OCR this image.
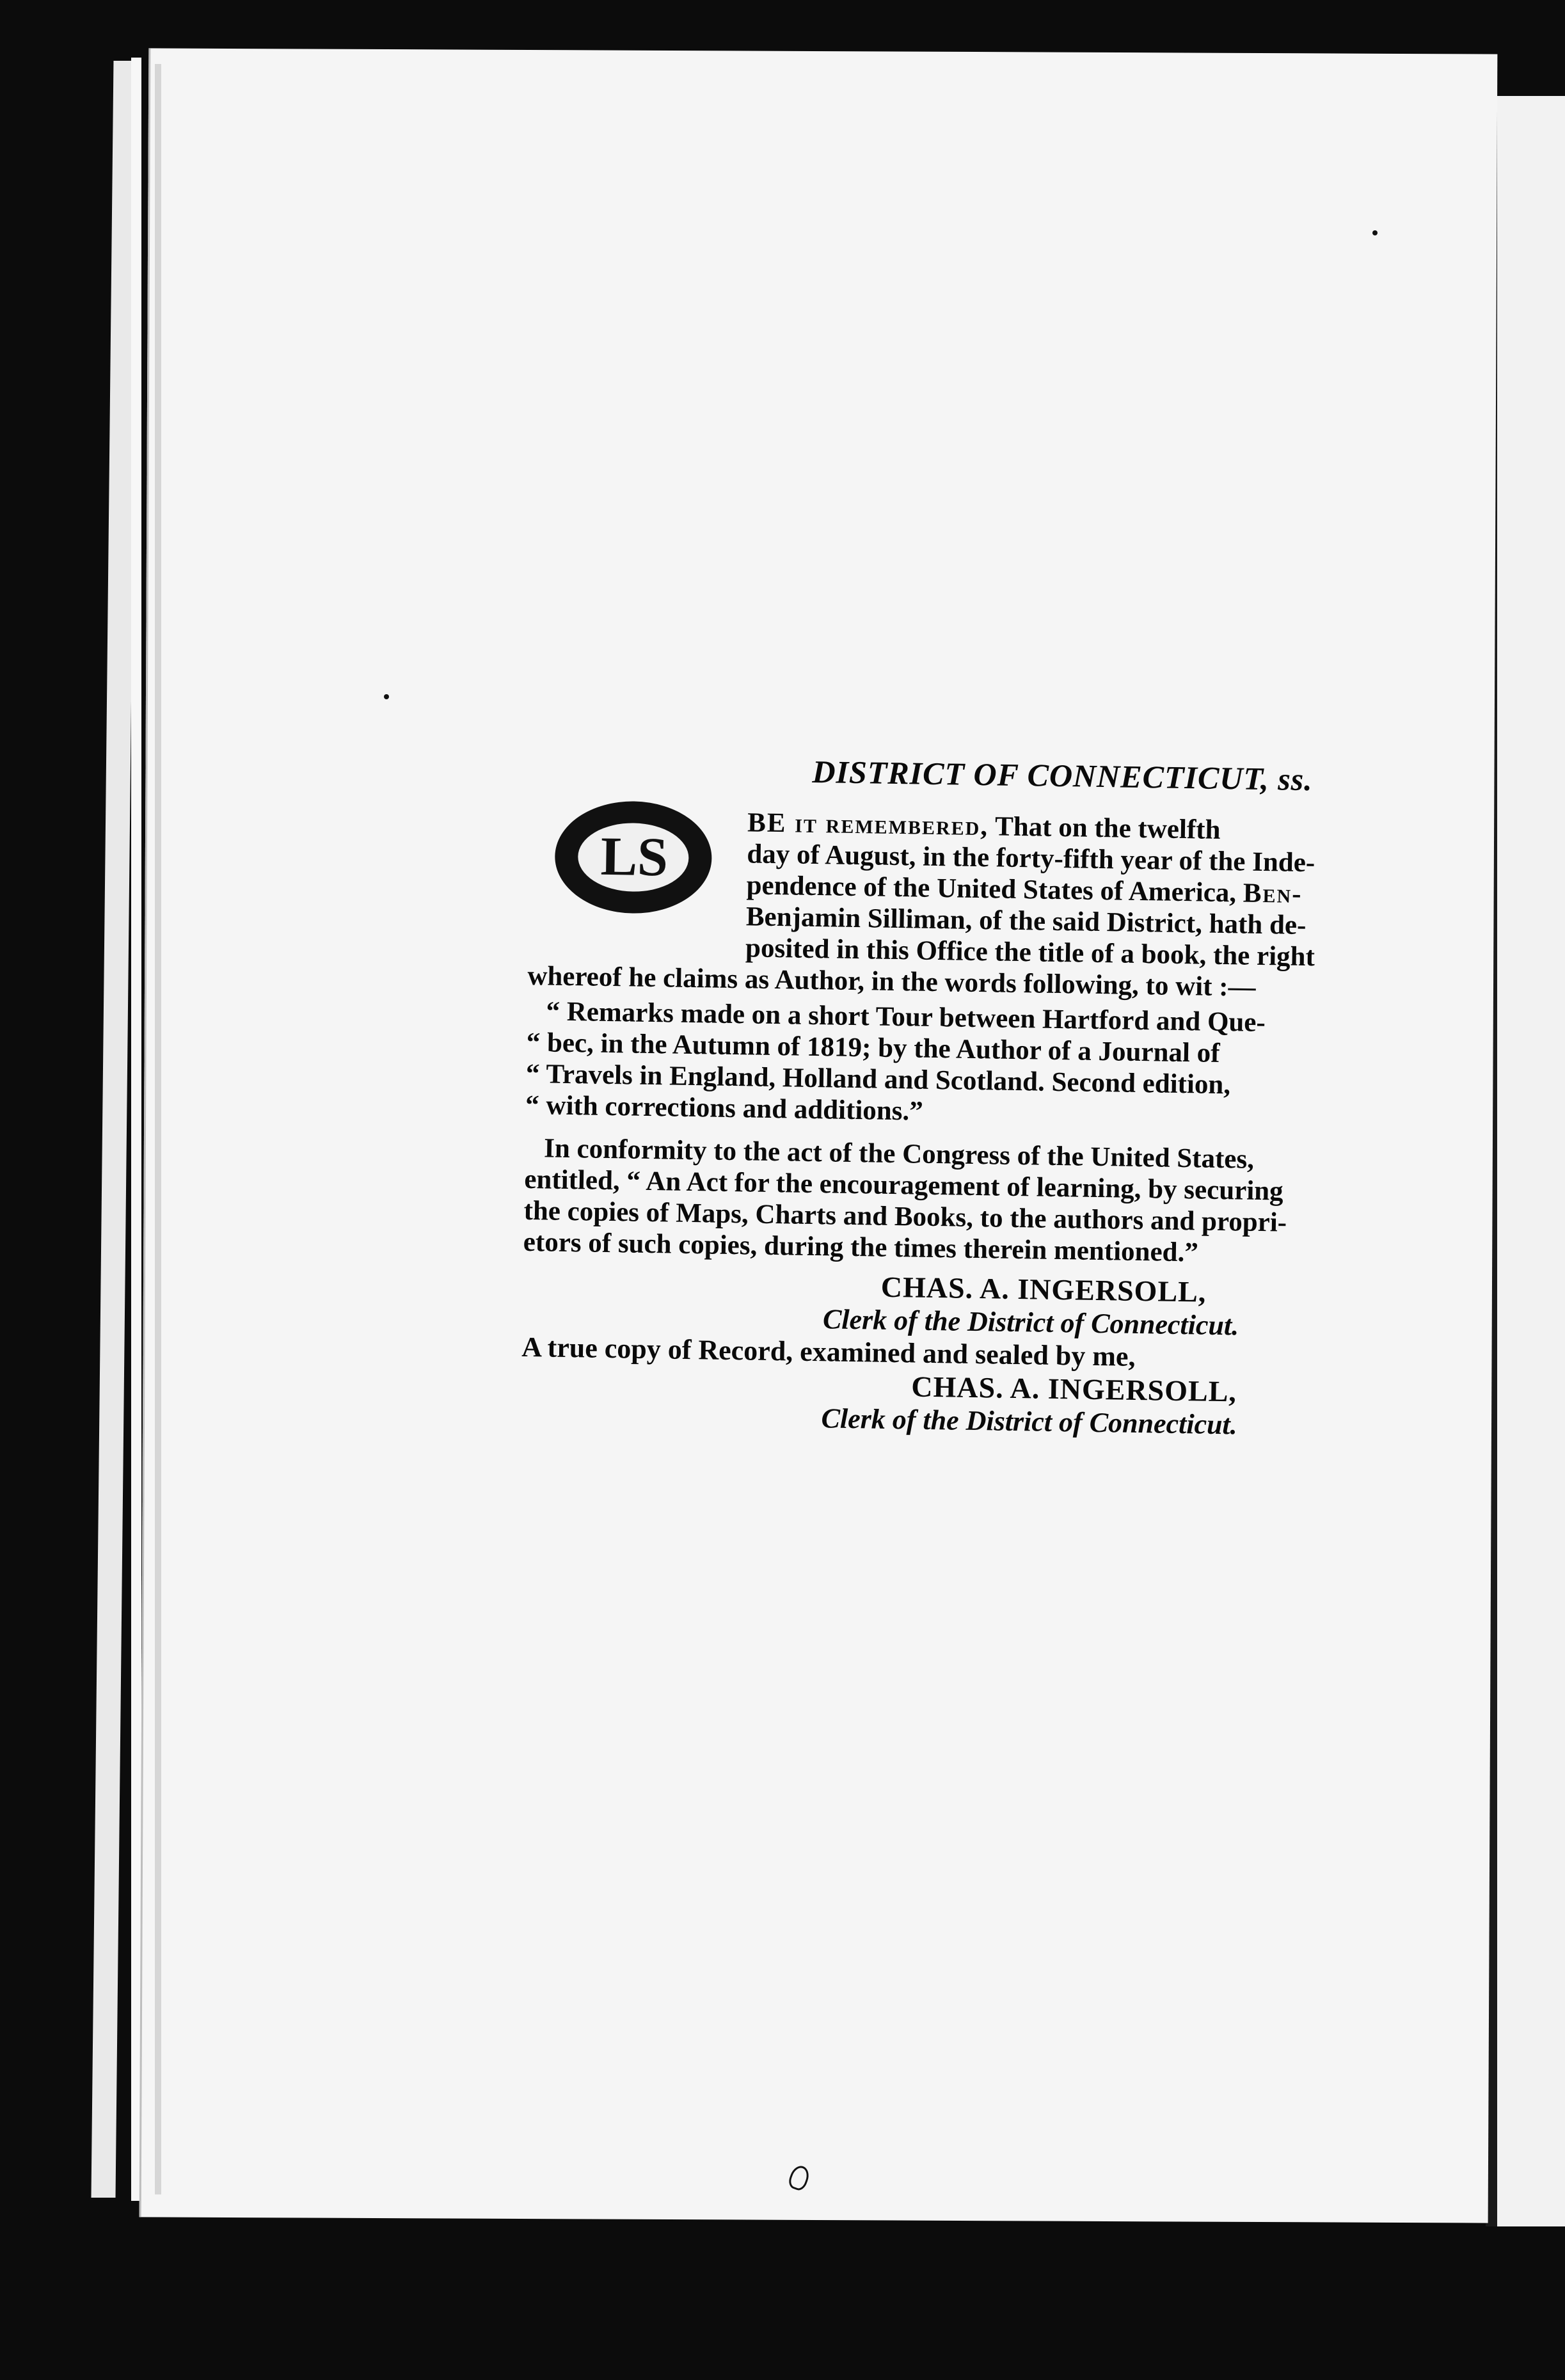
DISTRICT OF CONNECTICUT, ss.
LS
BE it remembered, That on the twelfth
day of August, in the forty-fifth year of the Inde-
pendence of the United States of America, Ben-
Benjamin Silliman, of the said District, hath de-
posited in this Office the title of a book, the right
whereof he claims as Author, in the words following, to wit :—
“ Remarks made on a short Tour between Hartford and Que-
“ bec, in the Autumn of 1819; by the Author of a Journal of
“ Travels in England, Holland and Scotland. Second edition,
“ with corrections and additions.”
In conformity to the act of the Congress of the United States,
entitled, “ An Act for the encouragement of learning, by securing
the copies of Maps, Charts and Books, to the authors and propri-
etors of such copies, during the times therein mentioned.”
CHAS. A. INGERSOLL,
Clerk of the District of Connecticut.
A true copy of Record, examined and sealed by me,
CHAS. A. INGERSOLL,
Clerk of the District of Connecticut.
